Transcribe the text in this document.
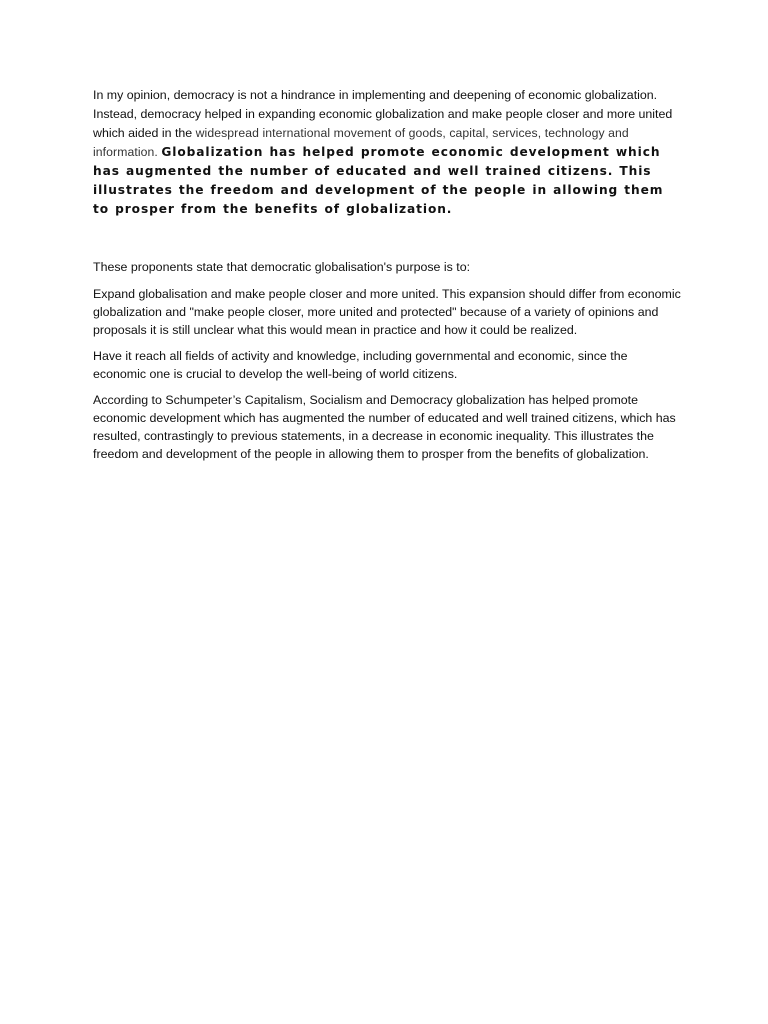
In my opinion, democracy is not a hindrance in implementing and deepening of economic globalization. Instead, democracy helped in expanding economic globalization and make people closer and more united which aided in the widespread international movement of goods, capital, services, technology and information. Globalization has helped promote economic development which has augmented the number of educated and well trained citizens. This illustrates the freedom and development of the people in allowing them to prosper from the benefits of globalization.

These proponents state that democratic globalisation's purpose is to:

Expand globalisation and make people closer and more united. This expansion should differ from economic globalization and "make people closer, more united and protected" because of a variety of opinions and proposals it is still unclear what this would mean in practice and how it could be realized.

Have it reach all fields of activity and knowledge, including governmental and economic, since the economic one is crucial to develop the well-being of world citizens.

According to Schumpeter’s Capitalism, Socialism and Democracy globalization has helped promote economic development which has augmented the number of educated and well trained citizens, which has resulted, contrastingly to previous statements, in a decrease in economic inequality. This illustrates the freedom and development of the people in allowing them to prosper from the benefits of globalization.
